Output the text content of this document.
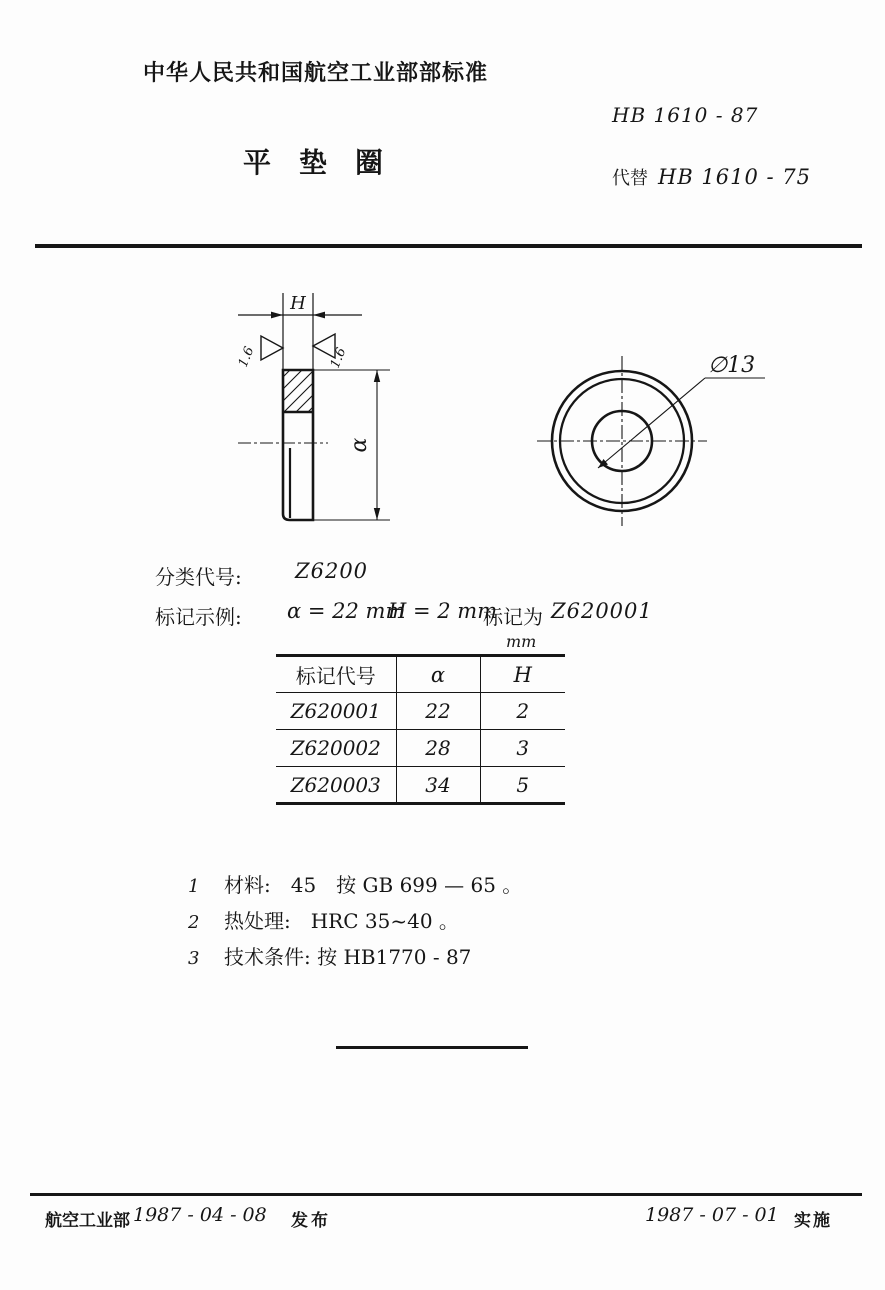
中华人民共和国航空工业部部标准
HB 1610 - 87
平　垫　圈	代替 HB 1610 - 75
H
1.6	1.6
α
∅13
分类代号:	Z6200
标记示例: α = 22 mm
H = 2 mm
标记为 Z620001
mm
标记代号	α	H
Z620001	22	2
Z620002	28	3
Z620003	34	5
1 材料:　45　按 GB 699 — 65 。
2 热处理:　HRC 35~40 。
3 技术条件: 按 HB1770 - 87
航空工业部 1987 - 04 - 08 发布	1987 - 07 - 01 实施
